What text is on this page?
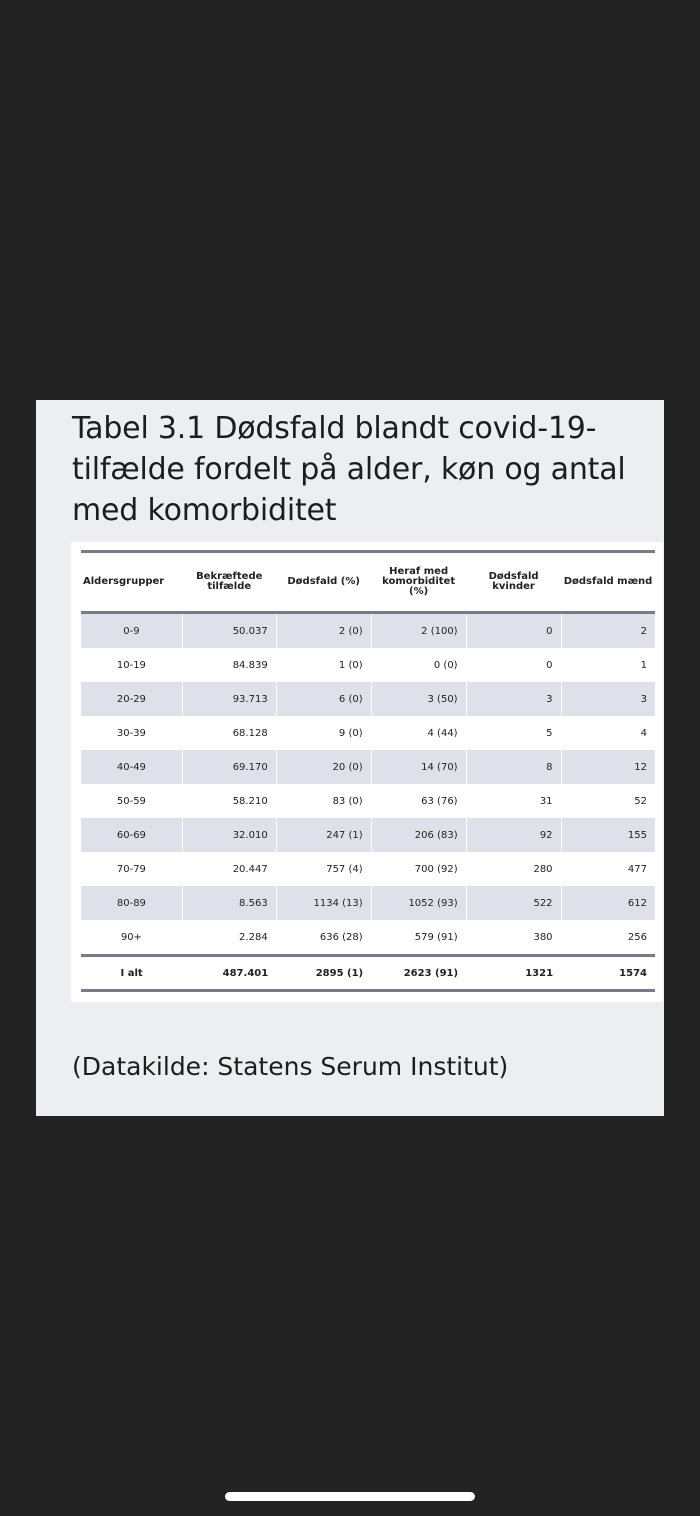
Tabel 3.1 Dødsfald blandt covid-19-tilfælde fordelt på alder, køn og antal med komorbiditet
Aldersgrupper	Bekræftede tilfælde	Dødsfald (%)	Heraf med komorbiditet (%)	Dødsfald kvinder	Dødsfald mænd
0-9	50.037	2 (0)	2 (100)	0	2
10-19	84.839	1 (0)	0 (0)	0	1
20-29	93.713	6 (0)	3 (50)	3	3
30-39	68.128	9 (0)	4 (44)	5	4
40-49	69.170	20 (0)	14 (70)	8	12
50-59	58.210	83 (0)	63 (76)	31	52
60-69	32.010	247 (1)	206 (83)	92	155
70-79	20.447	757 (4)	700 (92)	280	477
80-89	8.563	1134 (13)	1052 (93)	522	612
90+	2.284	636 (28)	579 (91)	380	256
I alt	487.401	2895 (1)	2623 (91)	1321	1574
(Datakilde: Statens Serum Institut)
